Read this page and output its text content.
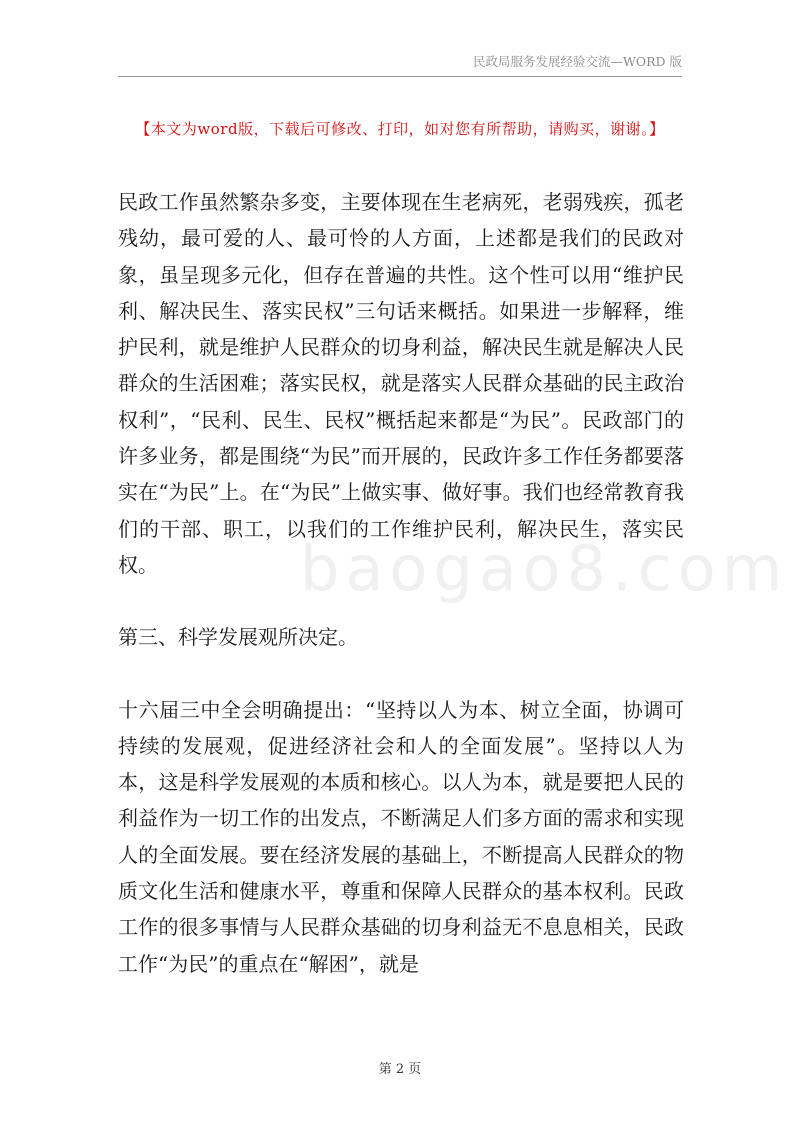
民政局服务发展经验交流—WORD 版
【本文为word版，下载后可修改、打印，如对您有所帮助，请购买，谢谢。】
baogao8.com

民政工作虽然繁杂多变，主要体现在生老病死，老弱残疾，孤老残幼，最可爱的人、最可怜的人方面，上述都是我们的民政对象，虽呈现多元化，但存在普遍的共性。这个性可以用“维护民利、解决民生、落实民权”三句话来概括。如果进一步解释，维护民利，就是维护人民群众的切身利益，解决民生就是解决人民群众的生活困难；落实民权，就是落实人民群众基础的民主政治权利”，“民利、民生、民权”概括起来都是“为民”。民政部门的许多业务，都是围绕“为民”而开展的，民政许多工作任务都要落实在“为民”上。在“为民”上做实事、做好事。我们也经常教育我们的干部、职工，以我们的工作维护民利，解决民生，落实民权。

第三、科学发展观所决定。

十六届三中全会明确提出：“坚持以人为本、树立全面，协调可持续的发展观，促进经济社会和人的全面发展”。坚持以人为本，这是科学发展观的本质和核心。以人为本，就是要把人民的利益作为一切工作的出发点，不断满足人们多方面的需求和实现人的全面发展。要在经济发展的基础上，不断提高人民群众的物质文化生活和健康水平，尊重和保障人民群众的基本权利。民政工作的很多事情与人民群众基础的切身利益无不息息相关，民政工作“为民”的重点在“解困”，就是

第 2 页
